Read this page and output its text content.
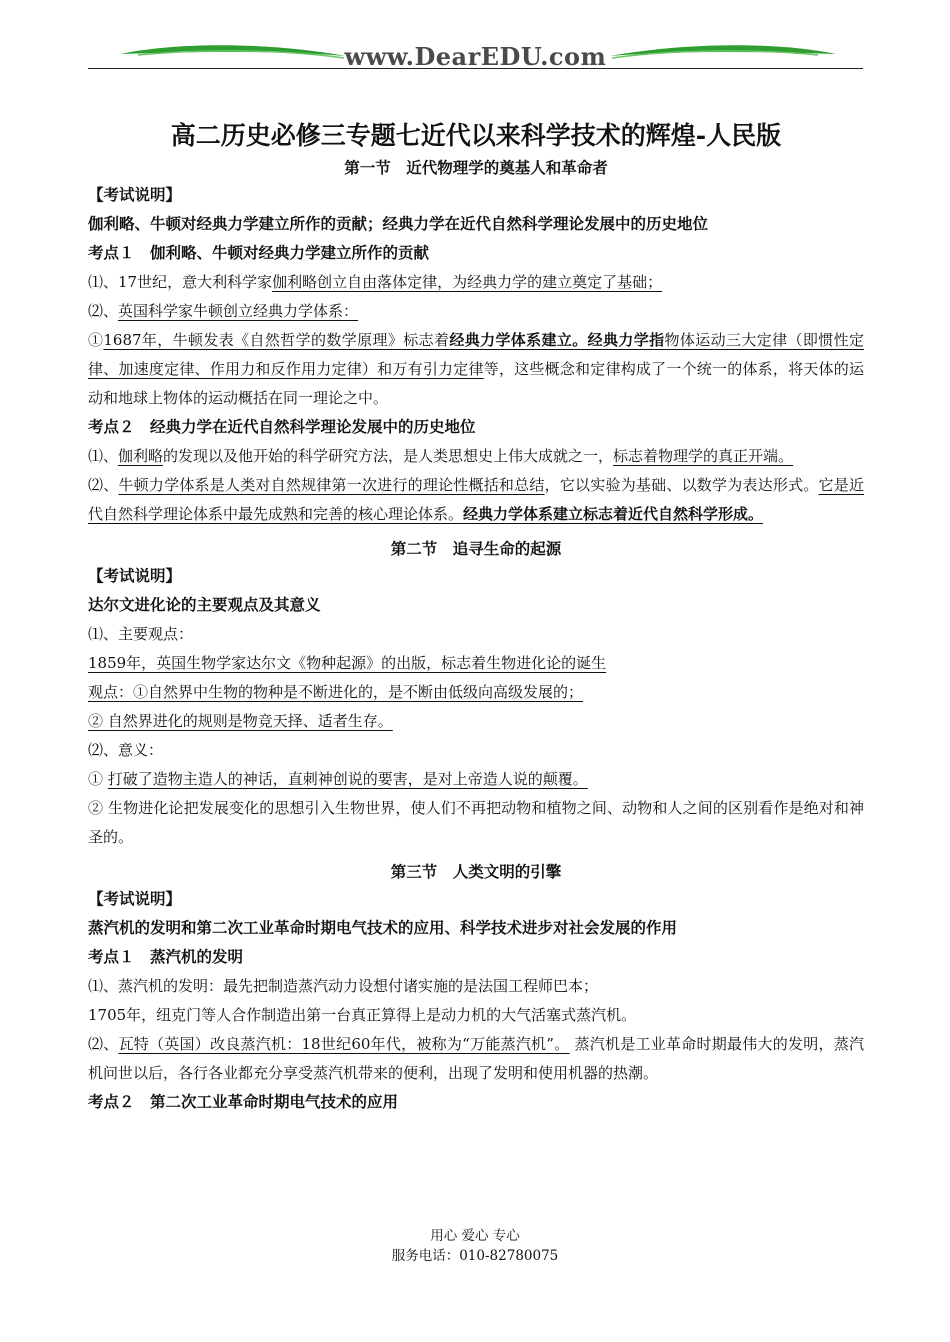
www.DearEDU.com
高二历史必修三专题七近代以来科学技术的辉煌-人民版
第一节　近代物理学的奠基人和革命者
【考试说明】
伽利略、牛顿对经典力学建立所作的贡献；经典力学在近代自然科学理论发展中的历史地位
考点１　伽利略、牛顿对经典力学建立所作的贡献
⑴、17世纪，意大利科学家伽利略创立自由落体定律，为经典力学的建立奠定了基础；
⑵、英国科学家牛顿创立经典力学体系：
①1687年，牛顿发表《自然哲学的数学原理》标志着经典力学体系建立。经典力学指物体运动三大定律（即惯性定律、加速度定律、作用力和反作用力定律）和万有引力定律等，这些概念和定律构成了一个统一的体系，将天体的运动和地球上物体的运动概括在同一理论之中。
考点２　经典力学在近代自然科学理论发展中的历史地位
⑴、伽利略的发现以及他开始的科学研究方法，是人类思想史上伟大成就之一，标志着物理学的真正开端。
⑵、牛顿力学体系是人类对自然规律第一次进行的理论性概括和总结，它以实验为基础、以数学为表达形式。它是近代自然科学理论体系中最先成熟和完善的核心理论体系。经典力学体系建立标志着近代自然科学形成。
第二节　追寻生命的起源
【考试说明】
达尔文进化论的主要观点及其意义
⑴、主要观点：
1859年，英国生物学家达尔文《物种起源》的出版，标志着生物进化论的诞生
观点：①自然界中生物的物种是不断进化的，是不断由低级向高级发展的；
② 自然界进化的规则是物竞天择、适者生存。
⑵、意义：
① 打破了造物主造人的神话，直刺神创说的要害，是对上帝造人说的颠覆。
② 生物进化论把发展变化的思想引入生物世界，使人们不再把动物和植物之间、动物和人之间的区别看作是绝对和神圣的。
第三节　人类文明的引擎
【考试说明】
蒸汽机的发明和第二次工业革命时期电气技术的应用、科学技术进步对社会发展的作用
考点１　蒸汽机的发明
⑴、蒸汽机的发明：最先把制造蒸汽动力设想付诸实施的是法国工程师巴本；
1705年，纽克门等人合作制造出第一台真正算得上是动力机的大气活塞式蒸汽机。
⑵、瓦特（英国）改良蒸汽机：18世纪60年代，被称为“万能蒸汽机”。 蒸汽机是工业革命时期最伟大的发明，蒸汽机问世以后，各行各业都充分享受蒸汽机带来的便利，出现了发明和使用机器的热潮。
考点２　第二次工业革命时期电气技术的应用
用心 爱心 专心
服务电话：010-82780075
